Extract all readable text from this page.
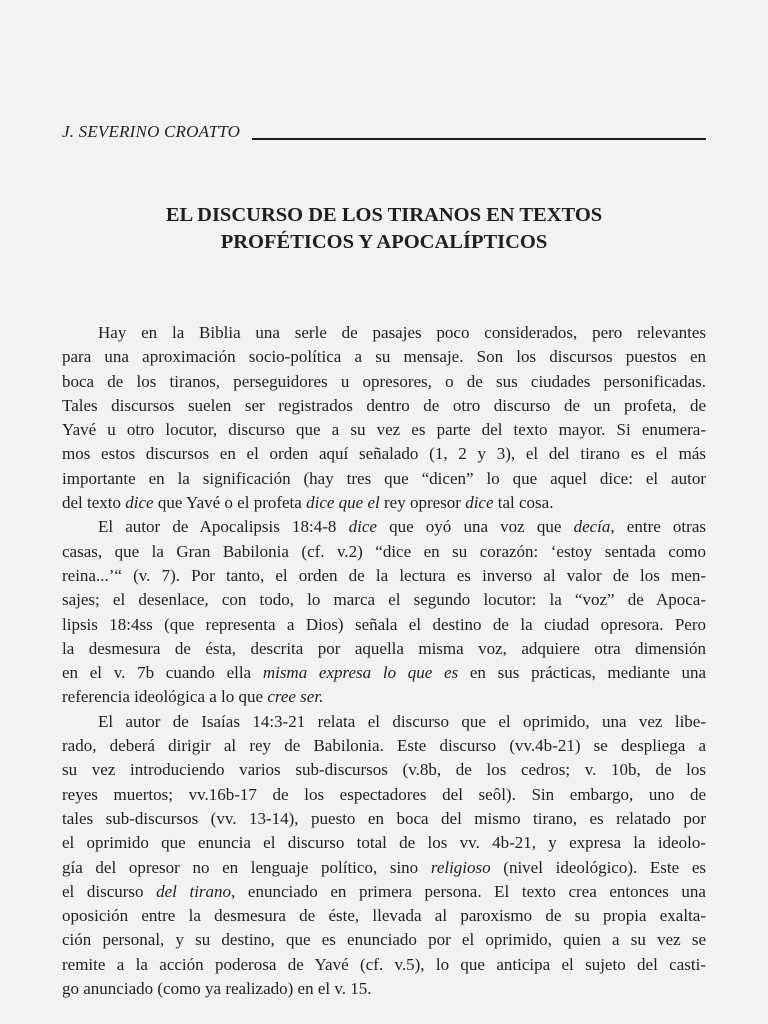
J. SEVERINO CROATTO
EL DISCURSO DE LOS TIRANOS EN TEXTOS
PROFÉTICOS Y APOCALÍPTICOS
Hay en la Biblia una serle de pasajes poco considerados, pero relevantes
para una aproximación socio-política a su mensaje. Son los discursos puestos en
boca de los tiranos, perseguidores u opresores, o de sus ciudades personificadas.
Tales discursos suelen ser registrados dentro de otro discurso de un profeta, de
Yavé u otro locutor, discurso que a su vez es parte del texto mayor. Si enumera-
mos estos discursos en el orden aquí señalado (1, 2 y 3), el del tirano es el más
importante en la significación (hay tres que “dicen” lo que aquel dice: el autor
del texto dice que Yavé o el profeta dice que el rey opresor dice tal cosa.
El autor de Apocalipsis 18:4-8 dice que oyó una voz que decía, entre otras
casas, que la Gran Babilonia (cf. v.2) “dice en su corazón: ‘estoy sentada como
reina...’“ (v. 7). Por tanto, el orden de la lectura es inverso al valor de los men-
sajes; el desenlace, con todo, lo marca el segundo locutor: la “voz” de Apoca-
lipsis 18:4ss (que representa a Dios) señala el destino de la ciudad opresora. Pero
la desmesura de ésta, descrita por aquella misma voz, adquiere otra dimensión
en el v. 7b cuando ella misma expresa lo que es en sus prácticas, mediante una
referencia ideológica a lo que cree ser.
El autor de Isaías 14:3-21 relata el discurso que el oprimido, una vez libe-
rado, deberá dirigir al rey de Babilonia. Este discurso (vv.4b-21) se despliega a
su vez introduciendo varios sub-discursos (v.8b, de los cedros; v. 10b, de los
reyes muertos; vv.16b-17 de los espectadores del seôl). Sin embargo, uno de
tales sub-discursos (vv. 13-14), puesto en boca del mismo tirano, es relatado por
el oprimido que enuncia el discurso total de los vv. 4b-21, y expresa la ideolo-
gía del opresor no en lenguaje político, sino religioso (nivel ideológico). Este es
el discurso del tirano, enunciado en primera persona. El texto crea entonces una
oposición entre la desmesura de éste, llevada al paroxismo de su propia exalta-
ción personal, y su destino, que es enunciado por el oprimido, quien a su vez se
remite a la acción poderosa de Yavé (cf. v.5), lo que anticipa el sujeto del casti-
go anunciado (como ya realizado) en el v. 15.
